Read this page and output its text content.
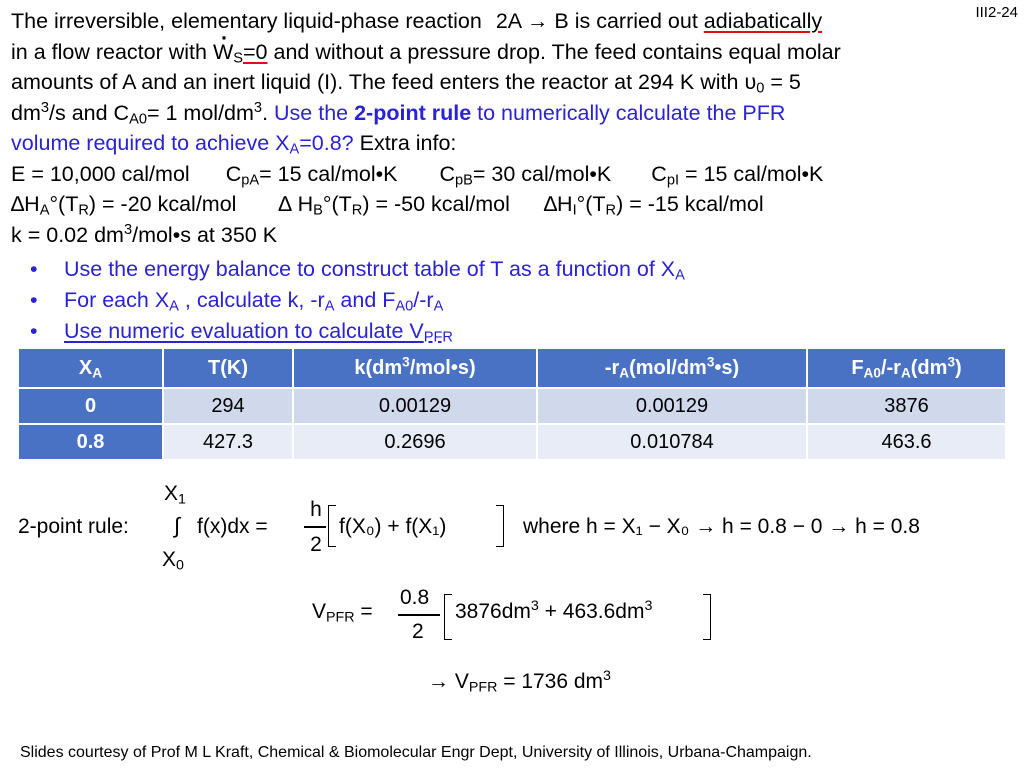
III2-24
The irreversible, elementary liquid-phase reaction 2A → B is carried out adiabatically
in a flow reactor with · $W_S=0$ and without a pressure drop. The feed contains equal molar
amounts of A and an inert liquid (I). The feed enters the reactor at 294 K with $\upsilon_0 = 5$
$dm^3/s$ and $C_{A0}= 1$ mol/$dm^3$. Use the 2-point rule to numerically calculate the PFR
volume required to achieve $X_A=0.8$? Extra info:
E = 10,000 cal/mol $C_{pA}= 15$ cal/mol•K $C_{pB}= 30$ cal/mol•K $C_{pI} = 15$ cal/mol•K
$\Delta H_A^\circ(T_R) = -20$ kcal/mol ∆ $H_B^\circ(T_R) = -50$ kcal/mol $\Delta H_I^\circ(T_R) = -15$ kcal/mol
k = 0.02 $dm^3/mol•s$ at 350 K
• Use the energy balance to construct table of T as a function of $X_A$
• For each $X_A$ , calculate k, $-r_A$ and $F_{A0}/-r_A$
• Use numeric evaluation to calculate $V_{PFR}$
$X_A$	T(K)	$k(dm^3/mol•s)$	$-r_A(mol/dm^3•s)$	$F_{A0}/-r_A(dm^3)$
0	294	0.00129	0.00129	3876
0.8	427.3	0.2696	0.010784	463.6
$X_1$
2-point rule: ∫ f(x)dx =
h
2
f(X₀) + f(X₁)	where h = X₁ − X₀ → h = 0.8 − 0 → h = 0.8
$X_0$
$V_{PFR}$ =
0.8
2
$3876dm^3 + 463.6dm^3$
→ $V_{PFR} = 1736$ $dm^3$
Slides courtesy of Prof M L Kraft, Chemical & Biomolecular Engr Dept, University of Illinois, Urbana-Champaign.
